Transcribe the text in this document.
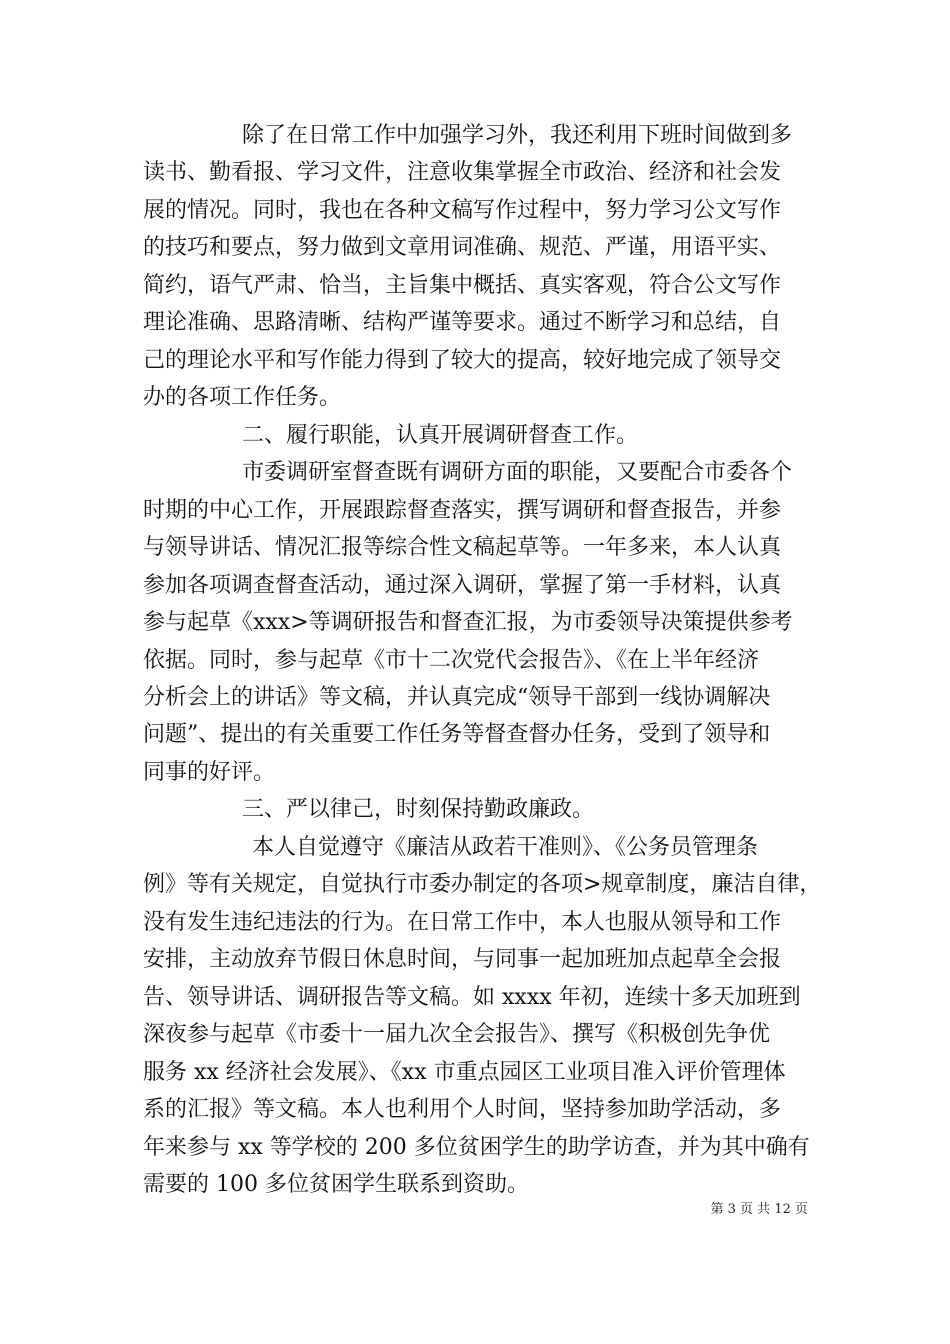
除了在日常工作中加强学习外，我还利用下班时间做到多
读书、勤看报、学习文件，注意收集掌握全市政治、经济和社会发
展的情况。同时，我也在各种文稿写作过程中，努力学习公文写作
的技巧和要点，努力做到文章用词准确、规范、严谨，用语平实、
简约，语气严肃、恰当，主旨集中概括、真实客观，符合公文写作
理论准确、思路清晰、结构严谨等要求。通过不断学习和总结，自
己的理论水平和写作能力得到了较大的提高，较好地完成了领导交
办的各项工作任务。
二、履行职能，认真开展调研督查工作。
市委调研室督查既有调研方面的职能，又要配合市委各个
时期的中心工作，开展跟踪督查落实，撰写调研和督查报告，并参
与领导讲话、情况汇报等综合性文稿起草等。一年多来，本人认真
参加各项调查督查活动，通过深入调研，掌握了第一手材料，认真
参与起草《xxx>等调研报告和督查汇报，为市委领导决策提供参考
依据。同时，参与起草《市十二次党代会报告》、《在上半年经济
分析会上的讲话》等文稿，并认真完成“领导干部到一线协调解决
问题”、提出的有关重要工作任务等督查督办任务，受到了领导和
同事的好评。
三、严以律己，时刻保持勤政廉政。
本人自觉遵守《廉洁从政若干准则》、《公务员管理条
例》等有关规定，自觉执行市委办制定的各项>规章制度，廉洁自律，
没有发生违纪违法的行为。在日常工作中，本人也服从领导和工作
安排，主动放弃节假日休息时间，与同事一起加班加点起草全会报
告、领导讲话、调研报告等文稿。如 xxxx 年初，连续十多天加班到
深夜参与起草《市委十一届九次全会报告》、撰写《积极创先争优
服务 xx 经济社会发展》、《xx 市重点园区工业项目准入评价管理体
系的汇报》等文稿。本人也利用个人时间，坚持参加助学活动，多
年来参与 xx 等学校的 200 多位贫困学生的助学访查，并为其中确有
需要的 100 多位贫困学生联系到资助。
第 3 页 共 12 页
